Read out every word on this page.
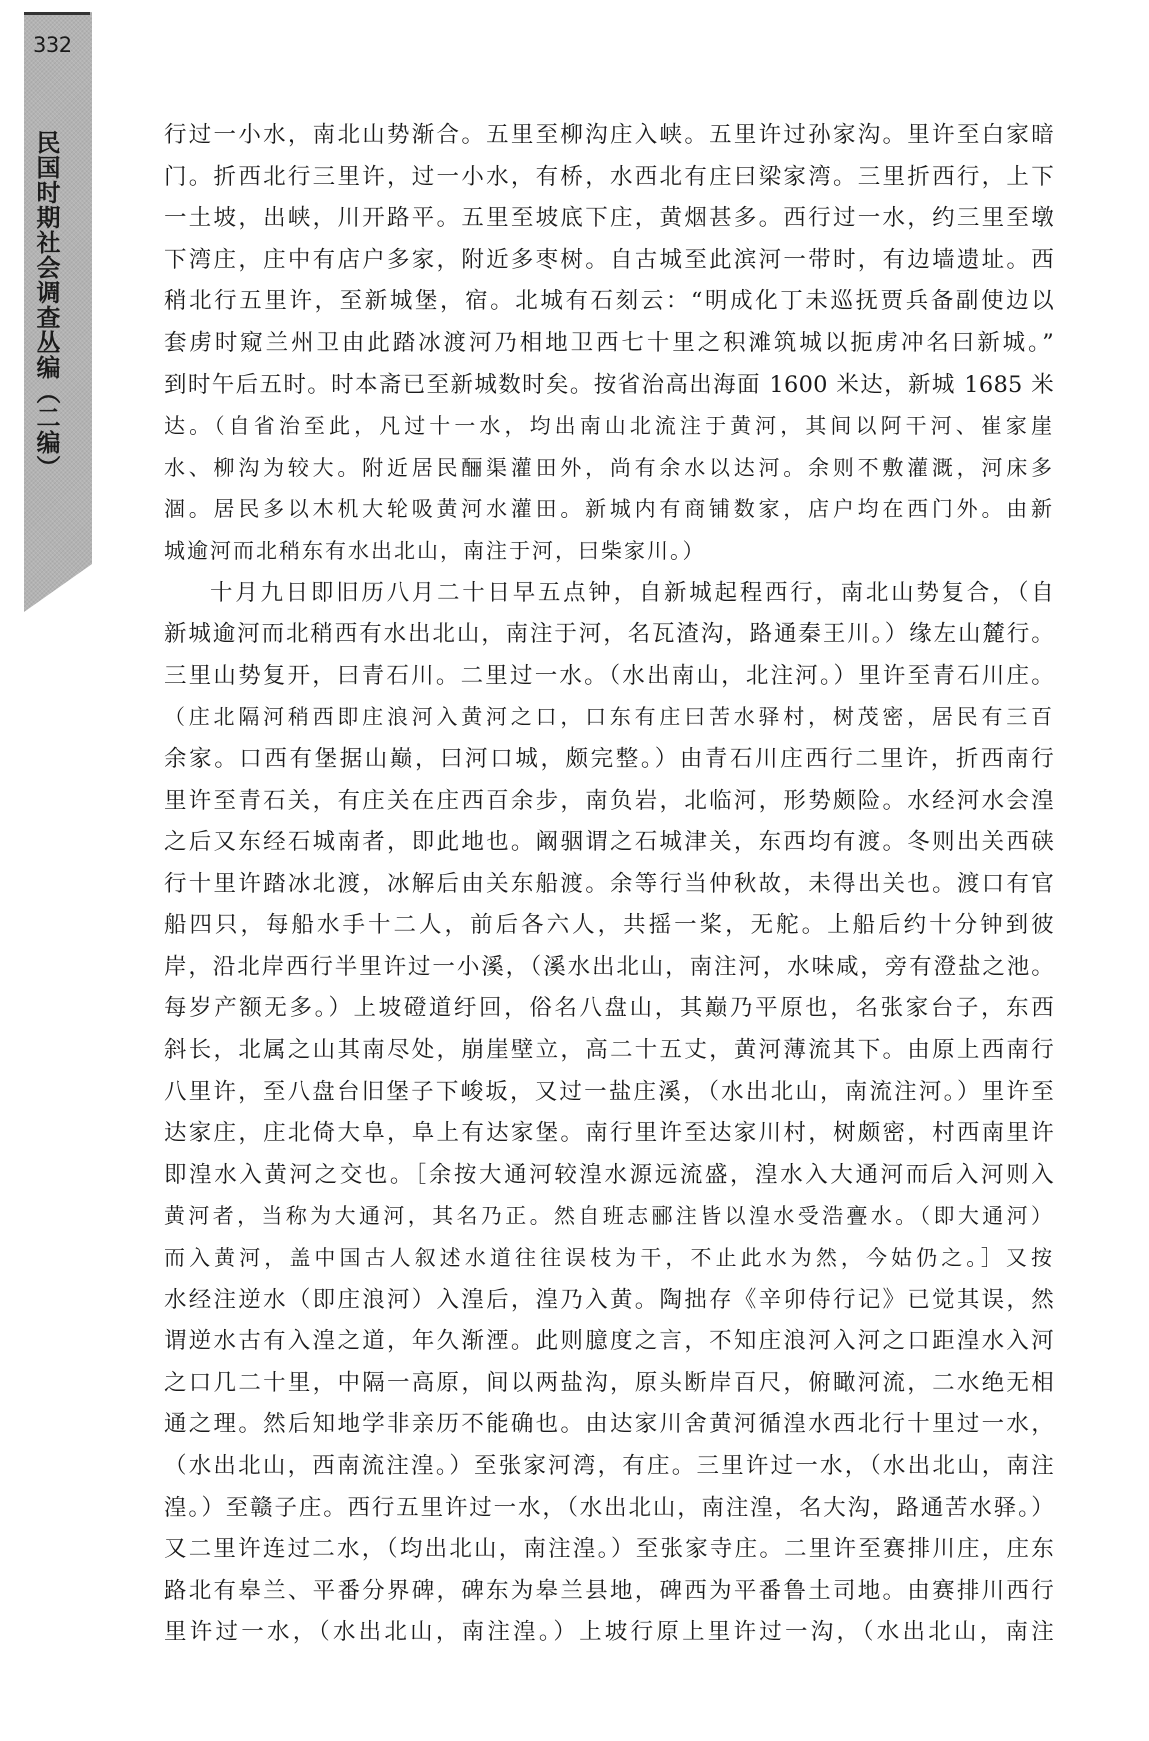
332
民国时期社会调查丛编（二编）	行过一小水，南北山势渐合。五里至柳沟庄入峡。五里许过孙家沟。里许至白家暗
门。折西北行三里许，过一小水，有桥，水西北有庄曰梁家湾。三里折西行，上下
一土坡，出峡，川开路平。五里至坡底下庄，黄烟甚多。西行过一水，约三里至墩
下湾庄，庄中有店户多家，附近多枣树。自古城至此滨河一带时，有边墙遗址。西
稍北行五里许，至新城堡，宿。北城有石刻云：“明成化丁未巡抚贾兵备副使边以
套虏时窥兰州卫由此踏冰渡河乃相地卫西七十里之积滩筑城以扼虏冲名曰新城。”
到时午后五时。时本斋已至新城数时矣。按省治高出海面 1600 米达，新城 1685 米
达。（自省治至此，凡过十一水，均出南山北流注于黄河，其间以阿干河、崔家崖
水、柳沟为较大。附近居民酾渠灌田外，尚有余水以达河。余则不敷灌溉，河床多
涸。居民多以木机大轮吸黄河水灌田。新城内有商铺数家，店户均在西门外。由新
城逾河而北稍东有水出北山，南注于河，曰柴家川。）
十月九日即旧历八月二十日早五点钟，自新城起程西行，南北山势复合，（自
新城逾河而北稍西有水出北山，南注于河，名瓦渣沟，路通秦王川。）缘左山麓行。
三里山势复开，曰青石川。二里过一水。（水出南山，北注河。）里许至青石川庄。
（庄北隔河稍西即庄浪河入黄河之口，口东有庄曰苦水驿村，树茂密，居民有三百
余家。口西有堡据山巅，曰河口城，颇完整。）由青石川庄西行二里许，折西南行
里许至青石关，有庄关在庄西百余步，南负岩，北临河，形势颇险。水经河水会湟
之后又东经石城南者，即此地也。阚骃谓之石城津关，东西均有渡。冬则出关西硖
行十里许踏冰北渡，冰解后由关东船渡。余等行当仲秋故，未得出关也。渡口有官
船四只，每船水手十二人，前后各六人，共摇一桨，无舵。上船后约十分钟到彼
岸，沿北岸西行半里许过一小溪，（溪水出北山，南注河，水味咸，旁有澄盐之池。
每岁产额无多。）上坡磴道纡回，俗名八盘山，其巅乃平原也，名张家台子，东西
斜长，北属之山其南尽处，崩崖壁立，高二十五丈，黄河薄流其下。由原上西南行
八里许，至八盘台旧堡子下峻坂，又过一盐庄溪，（水出北山，南流注河。）里许至
达家庄，庄北倚大阜，阜上有达家堡。南行里许至达家川村，树颇密，村西南里许
即湟水入黄河之交也。［余按大通河较湟水源远流盛，湟水入大通河而后入河则入
黄河者，当称为大通河，其名乃正。然自班志郦注皆以湟水受浩亹水。（即大通河）
而入黄河，盖中国古人叙述水道往往误枝为干，不止此水为然，今姑仍之。］又按
水经注逆水（即庄浪河）入湟后，湟乃入黄。陶拙存《辛卯侍行记》已觉其误，然
谓逆水古有入湟之道，年久渐湮。此则臆度之言，不知庄浪河入河之口距湟水入河
之口几二十里，中隔一高原，间以两盐沟，原头断岸百尺，俯瞰河流，二水绝无相
通之理。然后知地学非亲历不能确也。由达家川舍黄河循湟水西北行十里过一水，
（水出北山，西南流注湟。）至张家河湾，有庄。三里许过一水，（水出北山，南注
湟。）至赣子庄。西行五里许过一水，（水出北山，南注湟，名大沟，路通苦水驿。）
又二里许连过二水，（均出北山，南注湟。）至张家寺庄。二里许至赛排川庄，庄东
路北有皋兰、平番分界碑，碑东为皋兰县地，碑西为平番鲁土司地。由赛排川西行
里许过一水，（水出北山，南注湟。）上坡行原上里许过一沟，（水出北山，南注
